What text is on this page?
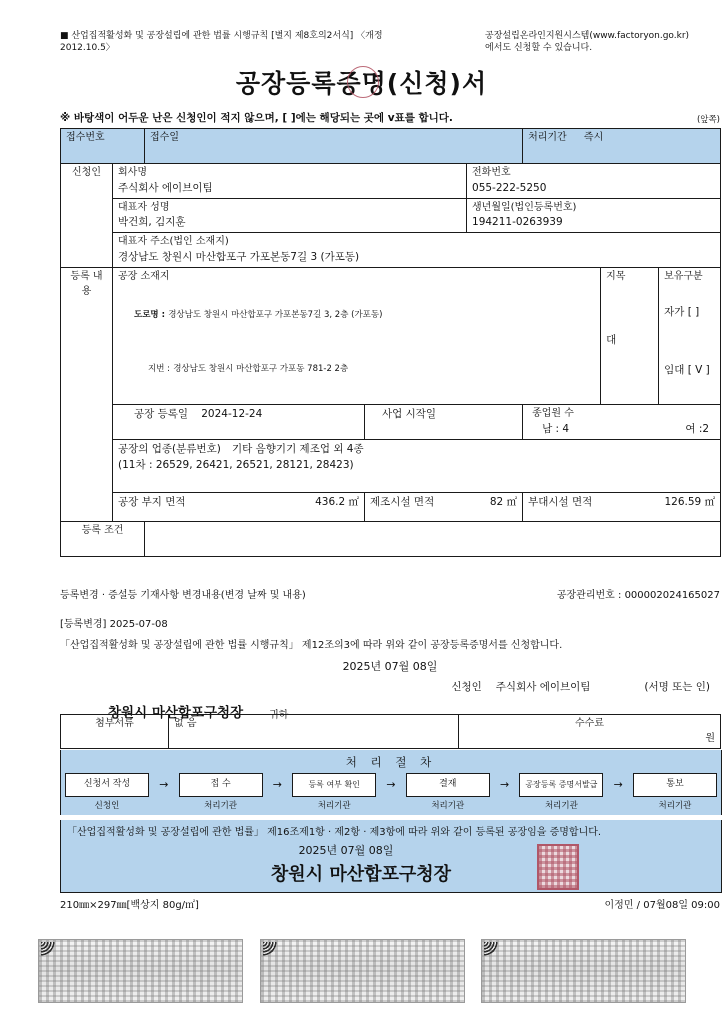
■ 산업집적활성화 및 공장설립에 관한 법률 시행규칙 [별지 제8호의2서식] 〈개정
2012.10.5〉
공장설립온라인지원시스템(www.factoryon.go.kr)
에서도 신청할 수 있습니다.
공장등록증명(신청)서
※ 바탕색이 어두운 난은 신청인이 적지 않으며, [ ]에는 해당되는 곳에 v표를 합니다.	(앞쪽)
접수번호		접수일			처리기간 즉시		
신청인	회사명
주식회사 에이브이팀

전화번호
055-222-5250

대표자 성명
박건희, 김지훈

생년월일(법인등록번호)
194211-0263939

	대표자 주소(법인 소재지)
경상남도 창원시 마산합포구 가포본동7길 3 (가포동)						

등록 내용	
공장 소재지
도로명 : 경상남도 창원시 마산합포구 가포본동7길 3, 2층 (가포동)
지번 : 경상남도 창원시 마산합포구 가포동 781-2 2층

지목
대

보유구분
자가 [ ]
임대 [ V ]

	공장 등록일 2024-12-24		사업 시작일		종업원 수
남 : 4 여 :2		

	공장의 업종(분류번호) 기타 음향기기 제조업 외 4종
(11차 : 26529, 26421, 26521, 28121, 28423)						

	공장 부지 면적 436.2 ㎡		제조시설 면적 82 ㎡		부대시설 면적 126.59 ㎡		

등록 조건							
등록변경 · 증설등 기재사항 변경내용(변경 날짜 및 내용)	공장관리번호 : 000002024165027
[등록변경] 2025-07-08
「산업집적활성화 및 공장설립에 관한 법률 시행규칙」 제12조의3에 따라 위와 같이 공장등록증명서를 신청합니다.
2025년 07월 08일
신청인 주식회사 에이브이팀	(서명 또는 인)
창원시 마산합포구청장	귀하
첨부서류	없 음	수수료
원
처 리 절 차
신청서 작성
신청인
→	접 수
처리기관
→	등록 여부 확인
처리기관
→	결재
처리기관
→	공장등록 증명서발급
처리기관
→	통보
처리기관
「산업집적활성화 및 공장설립에 관한 법률」 제16조제1항 · 제2항 · 제3항에 따라 위와 같이 등록된 공장임을 증명합니다.
2025년 07월 08일
창원시 마산합포구청장
210㎜×297㎜[백상지 80g/㎡]	이정민 / 07월08일 09:00
